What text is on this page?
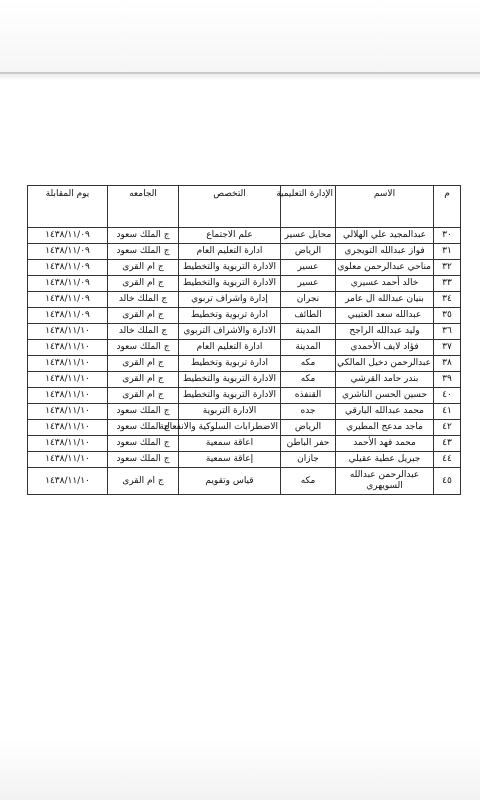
م	الاسم	الإدارة التعليمية	التخصص	الجامعه	يوم المقابلة
٣٠	عبدالمجيد علي الهلالي	محايل عسير	علم الاجتماع	ج الملك سعود	١٤٣٨/١١/٠٩
٣١	فواز عبدالله التويجري	الرياض	ادارة التعليم العام	ج الملك سعود	١٤٣٨/١١/٠٩
٣٢	مناحي عبدالرحمن معلوي	عسير	الادارة التربوية والتخطيط	ج ام القرى	١٤٣٨/١١/٠٩
٣٣	خالد أحمد عسيري	عسير	الادارة التربوية والتخطيط	ج ام القرى	١٤٣٨/١١/٠٩
٣٤	بنيان عبدالله ال عامر	نجران	إدارة واشراف تربوي	ج الملك خالد	١٤٣٨/١١/٠٩
٣٥	عبدالله سعد العتيبي	الطائف	ادارة تربوية وتخطيط	ج ام القرى	١٤٣٨/١١/٠٩
٣٦	وليد عبدالله الراجح	المدينة	الادارة والاشراف التربوي	ج الملك خالد	١٤٣٨/١١/١٠
٣٧	فؤاد لايف الأحمدي	المدينة	ادارة التعليم العام	ج الملك سعود	١٤٣٨/١١/١٠
٣٨	عبدالرحمن دخيل المالكي	مكه	ادارة تربوية وتخطيط	ج ام القرى	١٤٣٨/١١/١٠
٣٩	بندر حامد القرشي	مكه	الادارة التربوية والتخطيط	ج ام القرى	١٤٣٨/١١/١٠
٤٠	حسين الحسن الناشري	القنفذه	الادارة التربوية والتخطيط	ج ام القرى	١٤٣٨/١١/١٠
٤١	محمد عبدالله البارقي	جده	الادارة التربوية	ج الملك سعود	١٤٣٨/١١/١٠
٤٢	ماجد مدعج المطيري	الرياض	الاضطرابات السلوكية والانفعالية	ج الملك سعود	١٤٣٨/١١/١٠
٤٣	محمد فهد الأحمد	حفر الباطن	اعاقة سمعية	ج الملك سعود	١٤٣٨/١١/١٠
٤٤	جبريل عطية عقيلي	جازان	إعاقة سمعية	ج الملك سعود	١٤٣٨/١١/١٠
٤٥	عبدالرحمن عبدالله السويهري	مكه	قياس وتقويم	ج ام القرى	١٤٣٨/١١/١٠
